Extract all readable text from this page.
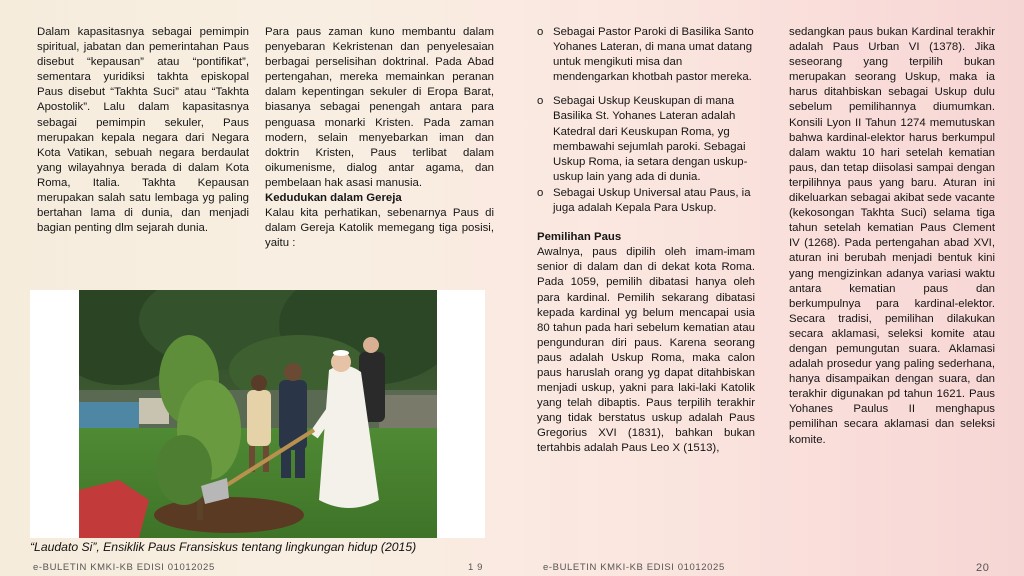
Dalam kapasitasnya sebagai pemimpin spiritual, jabatan dan pemerintahan Paus disebut “kepausan” atau “pontifikat”, sementara yuridiksi takhta episkopal Paus disebut “Takhta Suci” atau “Takhta Apostolik”. Lalu dalam kapasitasnya sebagai pemimpin sekuler, Paus merupakan kepala negara dari Negara Kota Vatikan, sebuah negara berdaulat yang wilayahnya berada di dalam Kota Roma, Italia. Takhta Kepausan merupakan salah satu lembaga yg paling bertahan lama di dunia, dan menjadi bagian penting dlm sejarah dunia.

Para paus zaman kuno membantu dalam penyebaran Kekristenan dan penyelesaian berbagai perselisihan doktrinal. Pada Abad pertengahan, mereka memainkan peranan dalam kepentingan sekuler di Eropa Barat, biasanya sebagai penengah antara para penguasa monarki Kristen. Pada zaman modern, selain menyebarkan iman dan doktrin Kristen, Paus terlibat dalam oikumenisme, dialog antar agama, dan pembelaan hak asasi manusia.

Kedudukan dalam Gereja

Kalau kita perhatikan, sebenarnya Paus di dalam Gereja Katolik memegang tiga posisi, yaitu :

o Sebagai Pastor Paroki di Basilika Santo Yohanes Lateran, di mana umat datang untuk mengikuti misa dan mendengarkan khotbah pastor mereka.
o Sebagai Uskup Keuskupan di mana Basilika St. Yohanes Lateran adalah Katedral dari Keuskupan Roma, yg membawahi sejumlah paroki. Sebagai Uskup Roma, ia setara dengan uskup-uskup lain yang ada di dunia.
o Sebagai Uskup Universal atau Paus, ia juga adalah Kepala Para Uskup.

Pemilihan Paus

Awalnya, paus dipilih oleh imam-imam senior di dalam dan di dekat kota Roma. Pada 1059, pemilih dibatasi hanya oleh para kardinal. Pemilih sekarang dibatasi kepada kardinal yg belum mencapai usia 80 tahun pada hari sebelum kematian atau pengunduran diri paus. Karena seorang paus adalah Uskup Roma, maka calon paus haruslah orang yg dapat ditahbiskan menjadi uskup, yakni para laki-laki Katolik yang telah dibaptis. Paus terpilih terakhir yang tidak berstatus uskup adalah Paus Gregorius XVI (1831), bahkan bukan tertahbis adalah Paus Leo X (1513),

sedangkan paus bukan Kardinal terakhir adalah Paus Urban VI (1378). Jika seseorang yang terpilih bukan merupakan seorang Uskup, maka ia harus ditahbiskan sebagai Uskup dulu sebelum pemilihannya diumumkan. Konsili Lyon II Tahun 1274 memutuskan bahwa kardinal-elektor harus berkumpul dalam waktu 10 hari setelah kematian paus, dan tetap diisolasi sampai dengan terpilihnya paus yang baru. Aturan ini dikeluarkan sebagai akibat sede vacante (kekosongan Takhta Suci) selama tiga tahun setelah kematian Paus Clement IV (1268). Pada pertengahan abad XVI, aturan ini berubah menjadi bentuk kini yang mengizinkan adanya variasi waktu antara kematian paus dan berkumpulnya para kardinal-elektor. Secara tradisi, pemilihan dilakukan secara aklamasi, seleksi komite atau dengan pemungutan suara. Aklamasi adalah prosedur yang paling sederhana, hanya disampaikan dengan suara, dan terakhir digunakan pd tahun 1621. Paus Yohanes Paulus II menghapus pemilihan secara aklamasi dan seleksi komite.

“Laudato Si”, Ensiklik Paus Fransiskus tentang lingkungan hidup (2015)
e-BULETIN KMKI-KB EDISI 01012025	1 9	e-BULETIN KMKI-KB EDISI 01012025	20
